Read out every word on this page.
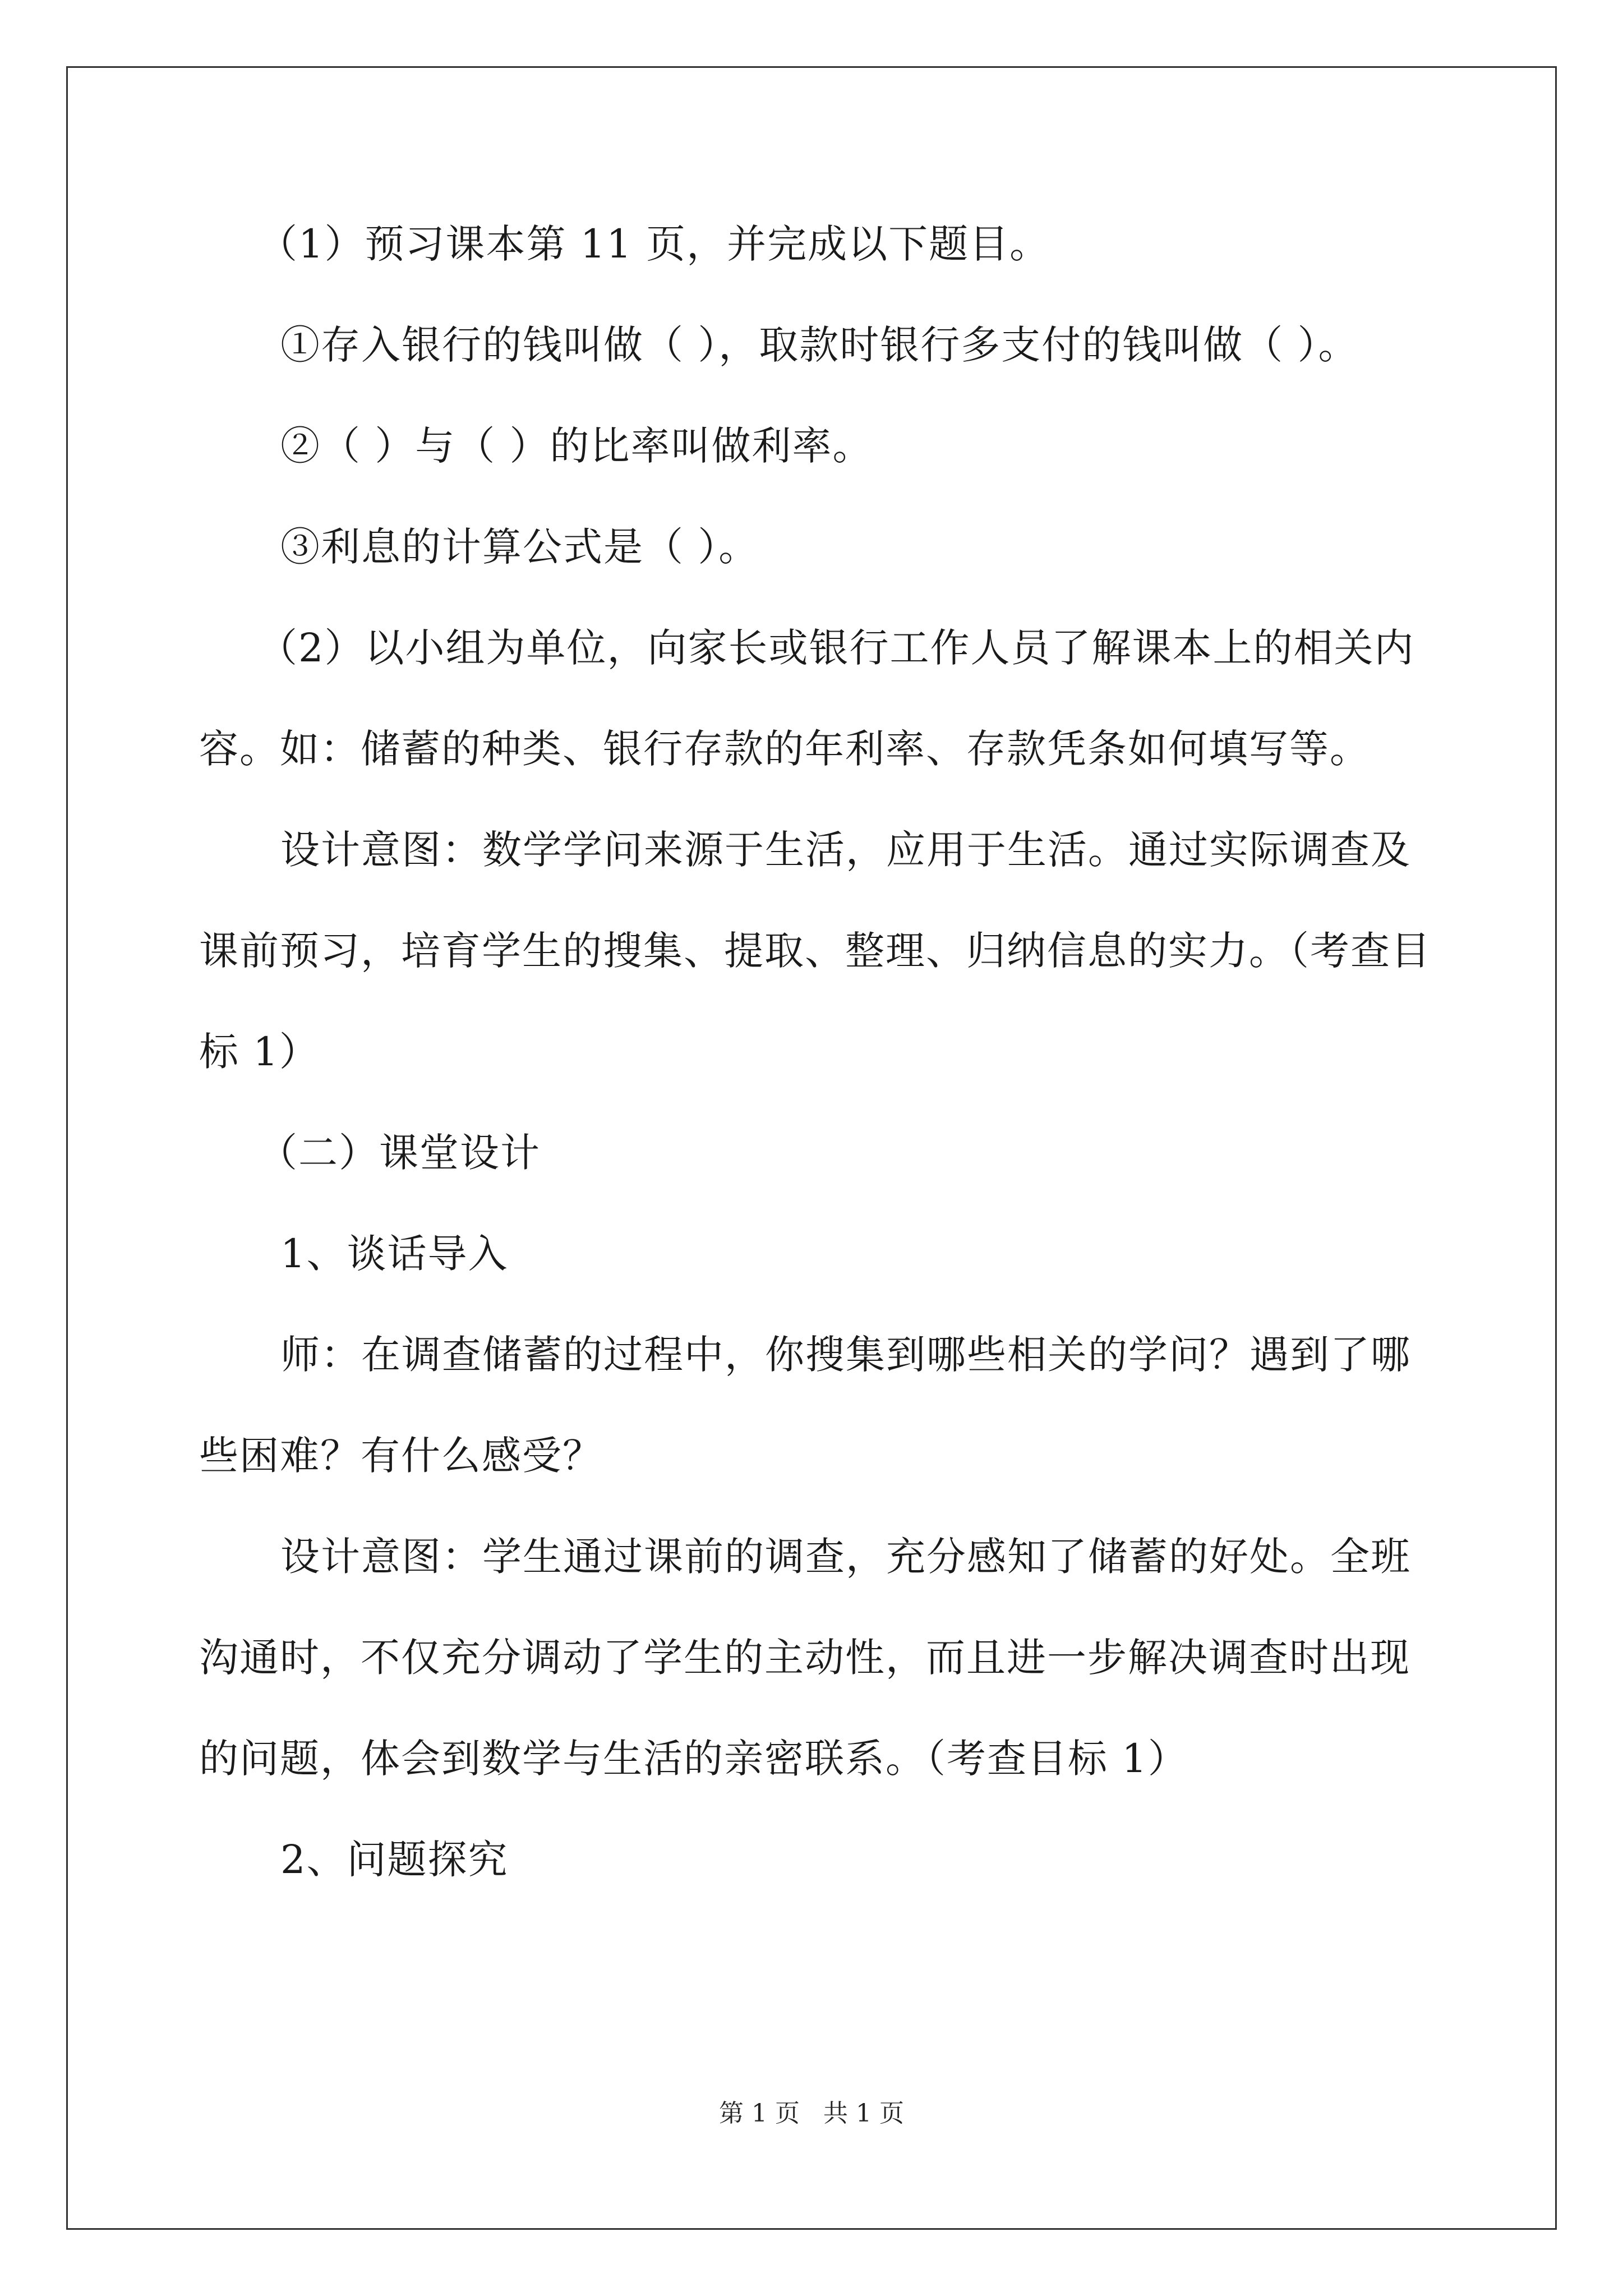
（1）预习课本第 11 页，并完成以下题目。
①存入银行的钱叫做（ ），取款时银行多支付的钱叫做（ ）。
②（ ）与（ ）的比率叫做利率。
③利息的计算公式是（ ）。
（2）以小组为单位，向家长或银行工作人员了解课本上的相关内
容。如：储蓄的种类、银行存款的年利率、存款凭条如何填写等。
设计意图：数学学问来源于生活，应用于生活。通过实际调查及
课前预习，培育学生的搜集、提取、整理、归纳信息的实力。（考查目
标 1）
（二）课堂设计
1、谈话导入
师：在调查储蓄的过程中，你搜集到哪些相关的学问？遇到了哪
些困难？有什么感受？
设计意图：学生通过课前的调查，充分感知了储蓄的好处。全班
沟通时，不仅充分调动了学生的主动性，而且进一步解决调查时出现
的问题，体会到数学与生活的亲密联系。（考查目标 1）
2、问题探究
第 1 页   共 1 页
